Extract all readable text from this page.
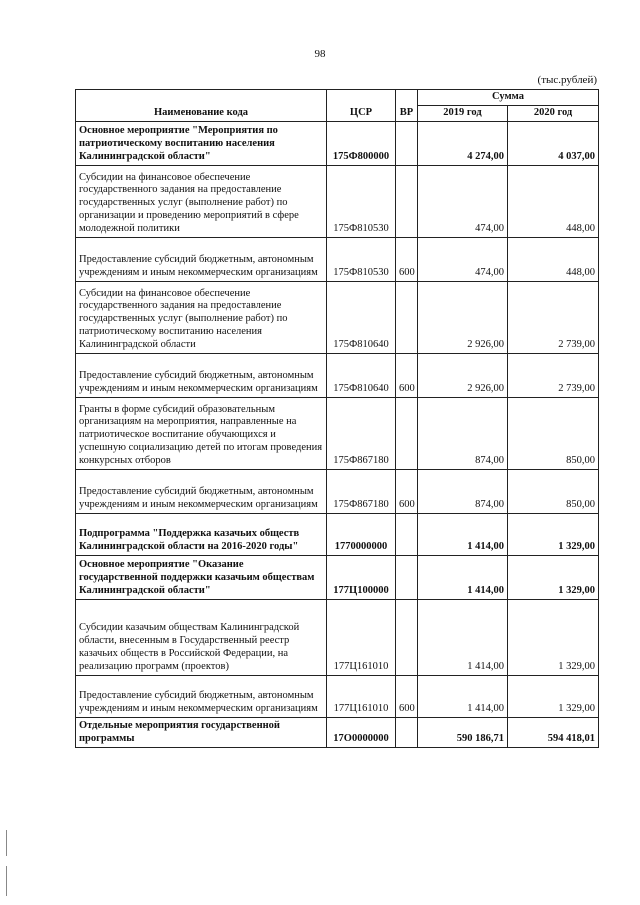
98
(тыс.рублей)
Наименование кода	ЦСР	ВР	Сумма	
			2019 год	2020 год
Основное мероприятие "Мероприятия по патриотическому воспитанию населения Калининградской области"	175Ф800000		4 274,00	4 037,00
Субсидии на финансовое обеспечение государственного задания на предоставление государственных услуг (выполнение работ) по организации и проведению мероприятий в сфере молодежной политики	175Ф810530		474,00	448,00
Предоставление субсидий бюджетным, автономным учреждениям и иным некоммерческим организациям	175Ф810530	600	474,00	448,00
Субсидии на финансовое обеспечение государственного задания на предоставление государственных услуг (выполнение работ) по патриотическому воспитанию населения Калининградской области	175Ф810640		2 926,00	2 739,00
Предоставление субсидий бюджетным, автономным учреждениям и иным некоммерческим организациям	175Ф810640	600	2 926,00	2 739,00
Гранты в форме субсидий образовательным организациям на мероприятия, направленные на патриотическое воспитание обучающихся и успешную социализацию детей по итогам проведения конкурсных отборов	175Ф867180		874,00	850,00
Предоставление субсидий бюджетным, автономным учреждениям и иным некоммерческим организациям	175Ф867180	600	874,00	850,00
Подпрограмма "Поддержка казачьих обществ Калининградской области на 2016-2020 годы"	1770000000		1 414,00	1 329,00
Основное мероприятие "Оказание государственной поддержки казачьим обществам Калининградской области"	177Ц100000		1 414,00	1 329,00
Субсидии казачьим обществам Калининградской области, внесенным в Государственный реестр казачьих обществ в Российской Федерации, на реализацию программ (проектов)	177Ц161010		1 414,00	1 329,00
Предоставление субсидий бюджетным, автономным учреждениям и иным некоммерческим организациям	177Ц161010	600	1 414,00	1 329,00
Отдельные мероприятия государственной программы	17О0000000		590 186,71	594 418,01
